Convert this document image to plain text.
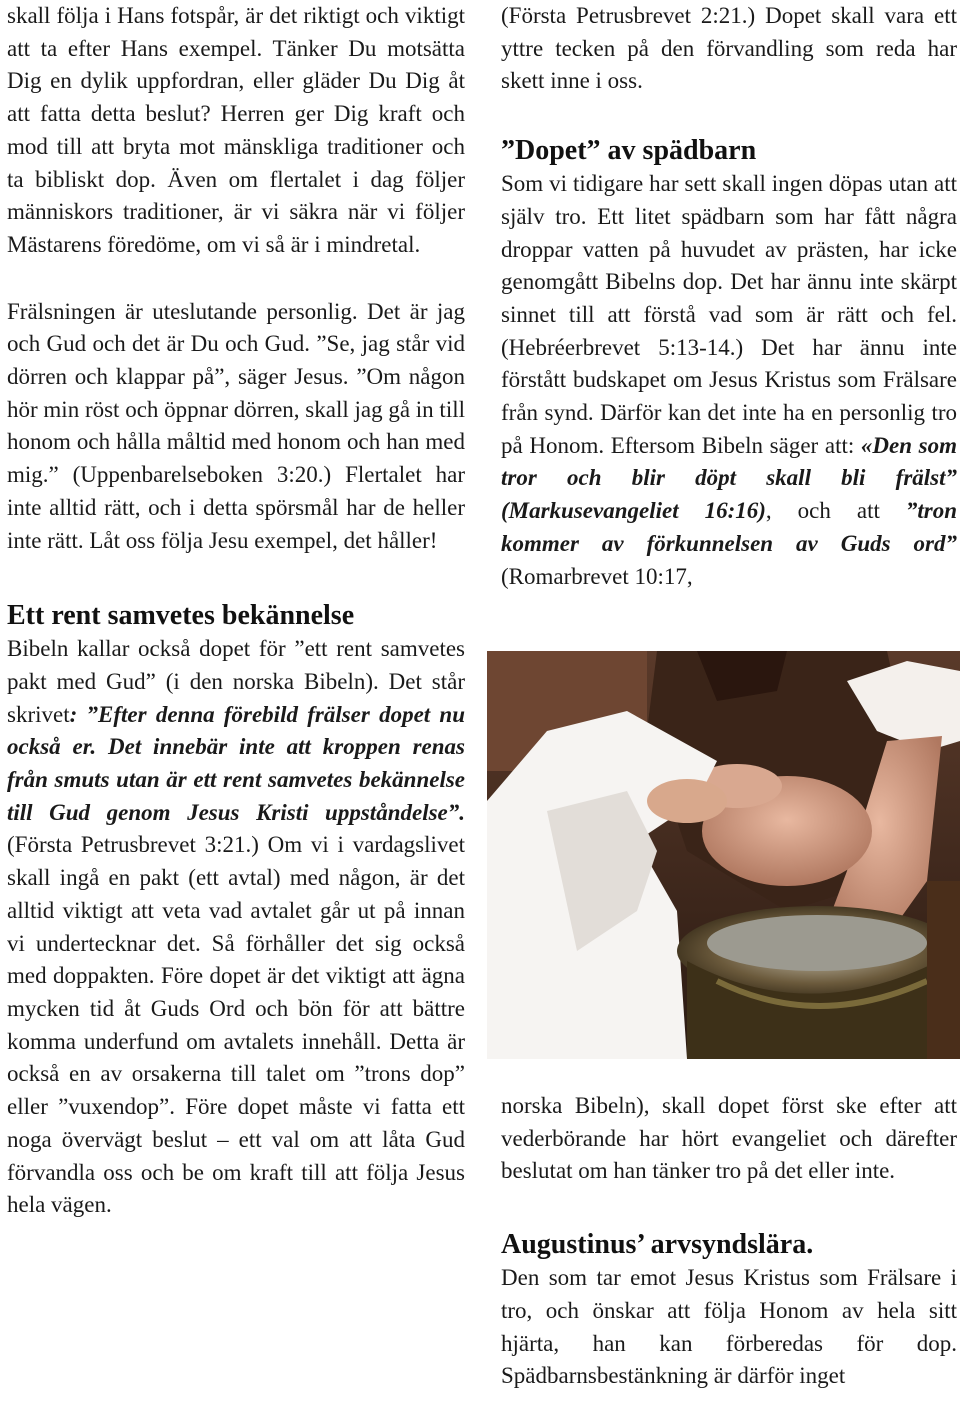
skall följa i Hans fotspår, är det riktigt och viktigt att ta efter Hans exempel. Tänker Du motsätta Dig en dylik uppfordran, eller gläder Du Dig åt att fatta detta beslut? Herren ger Dig kraft och mod till att bryta mot mänskliga traditioner och ta bibliskt dop. Även om flertalet i dag följer människors traditioner, är vi säkra när vi följer Mästarens föredöme, om vi så är i mindretal.

Frälsningen är uteslutande personlig. Det är jag och Gud och det är Du och Gud. ”Se, jag står vid dörren och klappar på”, säger Jesus. ”Om någon hör min röst och öppnar dörren, skall jag gå in till honom och hålla måltid med honom och han med mig.” (Uppenbarelseboken 3:20.) Flertalet har inte alltid rätt, och i detta spörsmål har de heller inte rätt. Låt oss följa Jesu exempel, det håller!

Ett rent samvetes bekännelse

Bibeln kallar också dopet för ”ett rent samvetes pakt med Gud” (i den norska Bibeln). Det står skrivet: ”Efter denna förebild frälser dopet nu också er. Det innebär inte att kroppen renas från smuts utan är ett rent samvetes bekännelse till Gud genom Jesus Kristi uppståndelse”. (Första Petrusbrevet 3:21.) Om vi i vardagslivet skall ingå en pakt (ett avtal) med någon, är det alltid viktigt att veta vad avtalet går ut på innan vi undertecknar det. Så förhåller det sig också med doppakten. Före dopet är det viktigt att ägna mycken tid åt Guds Ord och bön för att bättre komma underfund om avtalets innehåll. Detta är också en av orsakerna till talet om ”trons dop” eller ”vuxendop”. Före dopet måste vi fatta ett noga övervägt beslut – ett val om att låta Gud förvandla oss och be om kraft till att följa Jesus hela vägen.

(Första Petrusbrevet 2:21.) Dopet skall vara ett yttre tecken på den förvandling som reda har skett inne i oss.

”Dopet” av spädbarn

Som vi tidigare har sett skall ingen döpas utan att själv tro. Ett litet spädbarn som har fått några droppar vatten på huvudet av prästen, har icke genomgått Bibelns dop. Det har ännu inte skärpt sinnet till att förstå vad som är rätt och fel. (Hebréerbrevet 5:13-14.) Det har ännu inte förstått budskapet om Jesus Kristus som Frälsare från synd. Därför kan det inte ha en personlig tro på Honom. Eftersom Bibeln säger att: «Den som tror och blir döpt skall bli frälst” (Markusevangeliet 16:16), och att ”tron kommer av förkunnelsen av Guds ord” (Romarbrevet 10:17,

norska Bibeln), skall dopet först ske efter att vederbörande har hört evangeliet och därefter beslutat om han tänker tro på det eller inte.

Augustinus’ arvsyndslära.

Den som tar emot Jesus Kristus som Frälsare i tro, och önskar att följa Honom av hela sitt hjärta, han kan förberedas för dop. Spädbarnsbestänkning är därför inget
